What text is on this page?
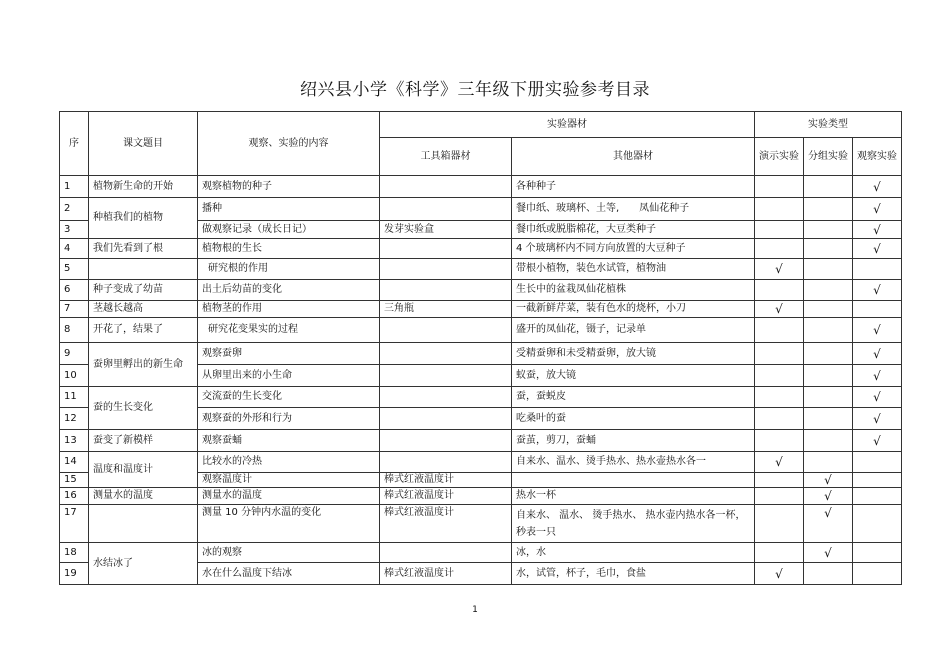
绍兴县小学《科学》三年级下册实验参考目录
序	课文题目	观察、实验的内容	实验器材		实验类型		
			工具箱器材	其他器材	演示实验	分组实验	观察实验
1	植物新生命的开始	观察植物的种子		各种种子			√
2	种植我们的植物	播种		餐巾纸、玻璃杯、土等,　　凤仙花种子			√
3		做观察记录（成长日记）	发芽实验盒	餐巾纸或脱脂棉花，大豆类种子			√
4	我们先看到了根	植物根的生长		4 个玻璃杯内不同方向放置的大豆种子			√
5		研究根的作用		带根小植物，装色水试管，植物油	√		
6	种子变成了幼苗	出土后幼苗的变化		生长中的盆栽凤仙花植株			√
7	茎越长越高	植物茎的作用	三角瓶	一截新鲜芹菜，装有色水的烧杯，小刀	√		
8	开花了，结果了	研究花变果实的过程		盛开的凤仙花，镊子，记录单			√
9	蚕卵里孵出的新生命	观察蚕卵		受精蚕卵和未受精蚕卵，放大镜			√
10		从卵里出来的小生命		蚁蚕，放大镜			√
11	蚕的生长变化	交流蚕的生长变化		蚕，蚕蜕皮			√
12		观察蚕的外形和行为		吃桑叶的蚕			√
13	蚕变了新模样	观察蚕蛹		蚕茧，剪刀，蚕蛹			√
14	温度和温度计	比较水的冷热		自来水、温水、烫手热水、热水壶热水各一	√		
15		观察温度计	棒式红液温度计			√	
16	测量水的温度	测量水的温度	棒式红液温度计	热水一杯		√	
17		测量 10 分钟内水温的变化	棒式红液温度计	自来水、 温水、 烫手热水、 热水壶内热水各一杯，秒表一只		√	
18	水结冰了	冰的观察		冰，水		√	
19		水在什么温度下结冰	棒式红液温度计	水，试管，杯子，毛巾，食盐	√		
1
